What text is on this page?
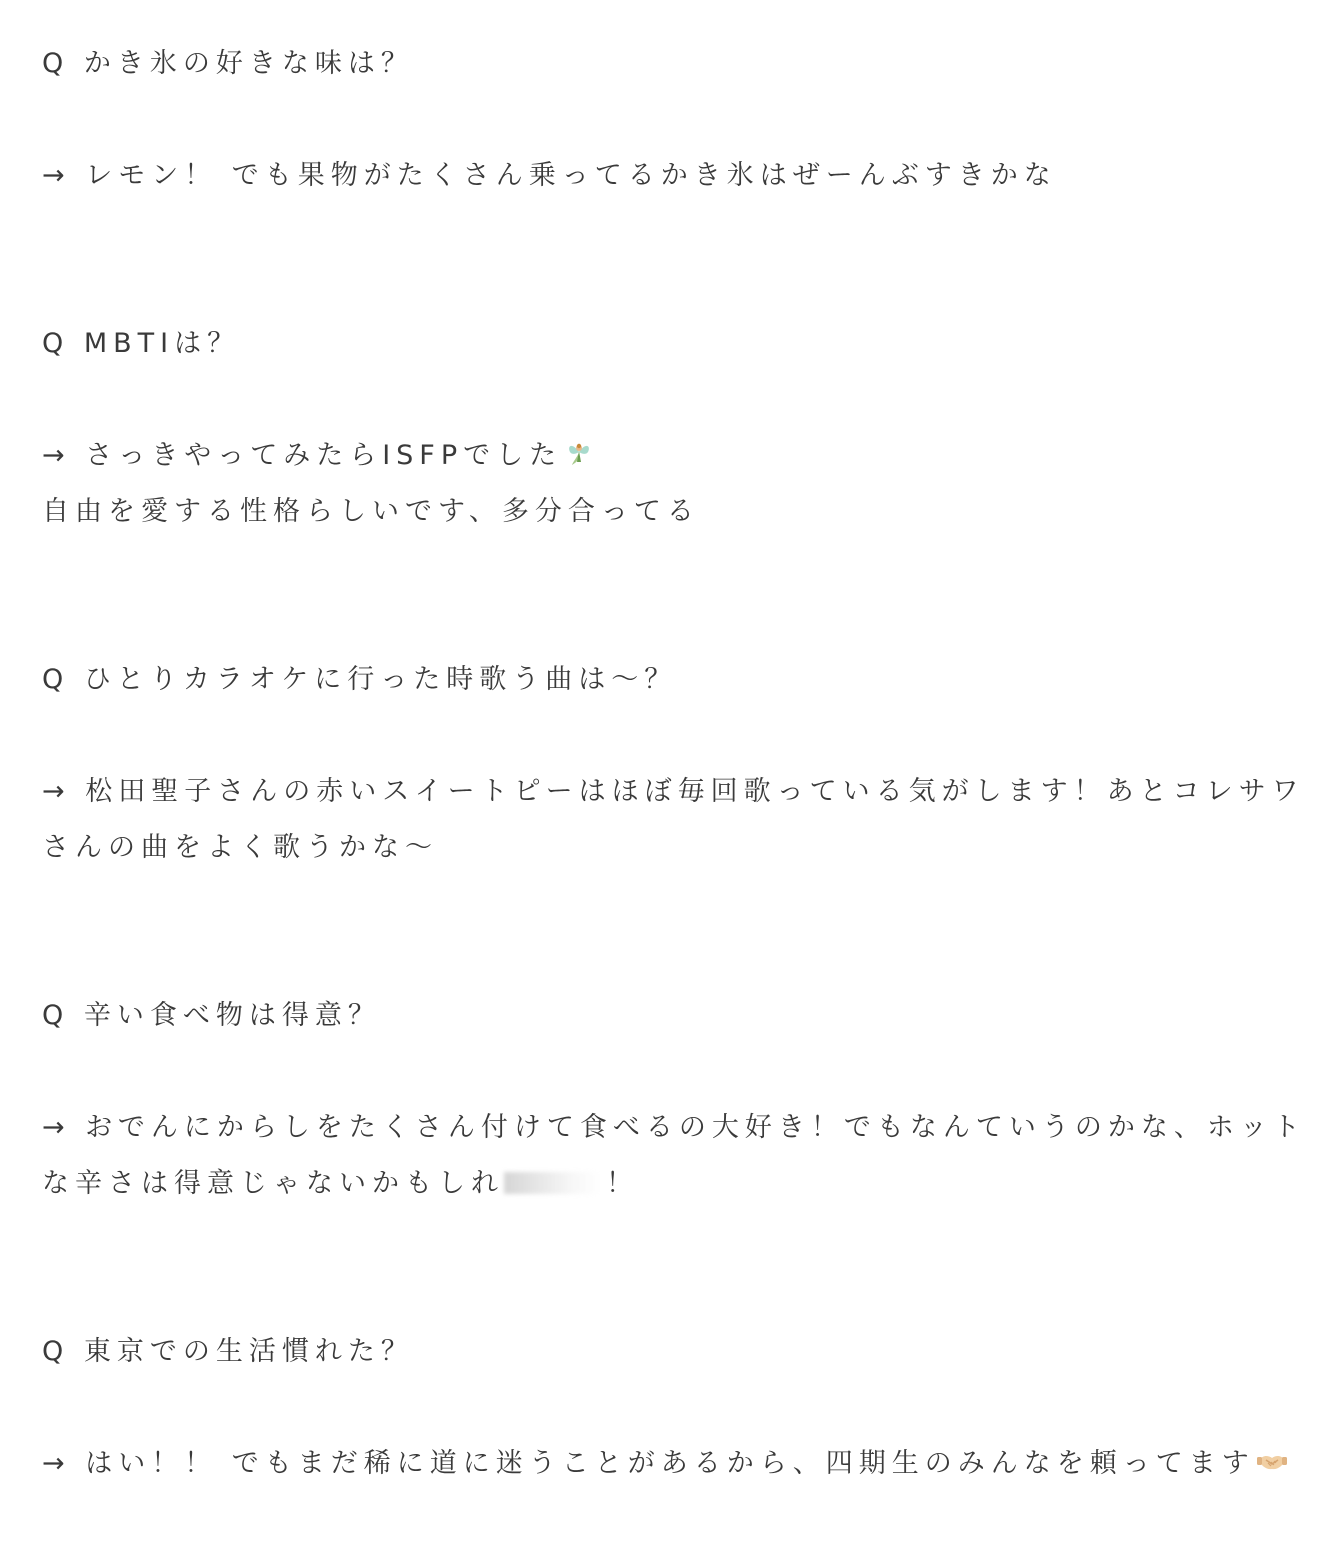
Q かき氷の好きな味は？
→ レモン！ でも果物がたくさん乗ってるかき氷はぜーんぶすきかな
Q MBTIは？
→ さっきやってみたらISFPでした
自由を愛する性格らしいです、多分合ってる
Q ひとりカラオケに行った時歌う曲は〜？
→ 松田聖子さんの赤いスイートピーはほぼ毎回歌っている気がします！あとコレサワ
さんの曲をよく歌うかな〜
Q 辛い食べ物は得意？
→ おでんにからしをたくさん付けて食べるの大好き！でもなんていうのかな、ホット
な辛さは得意じゃないかもしれ	！
Q 東京での生活慣れた？
→ はい！！ でもまだ稀に道に迷うことがあるから、四期生のみんなを頼ってます
